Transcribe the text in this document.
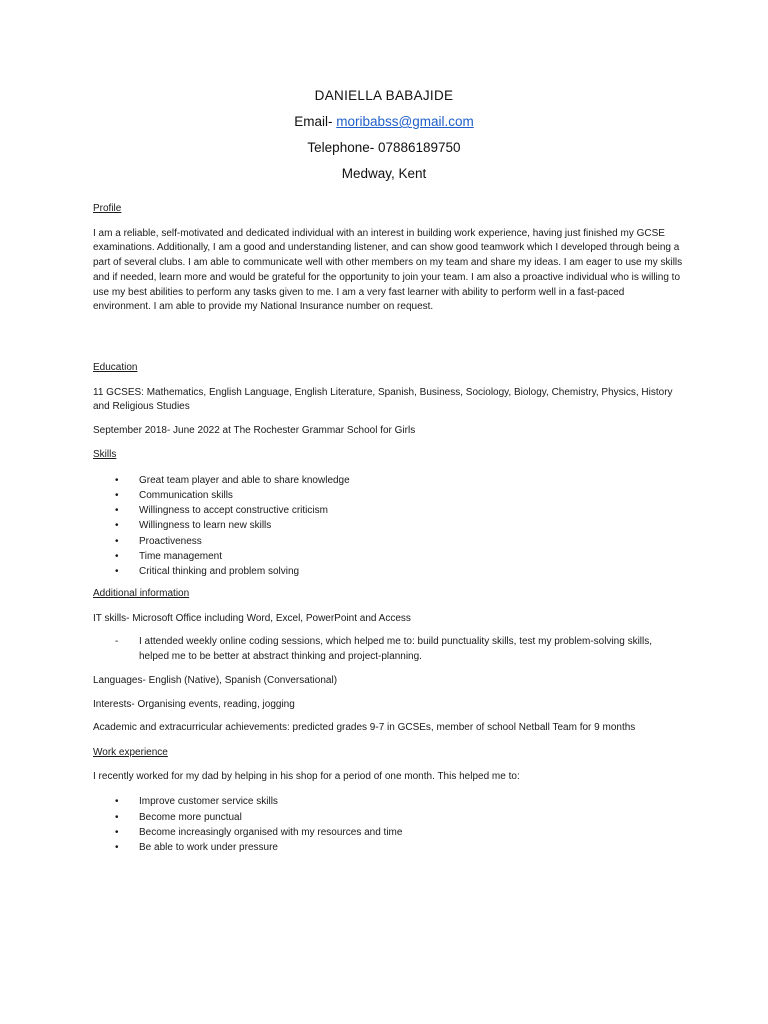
DANIELLA BABAJIDE
Email- moribabss@gmail.com
Telephone- 07886189750
Medway, Kent
Profile
I am a reliable, self-motivated and dedicated individual with an interest in building work experience, having just finished my GCSE examinations. Additionally, I am a good and understanding listener, and can show good teamwork which I developed through being a part of several clubs. I am able to communicate well with other members on my team and share my ideas. I am eager to use my skills and if needed, learn more and would be grateful for the opportunity to join your team. I am also a proactive individual who is willing to use my best abilities to perform any tasks given to me. I am a very fast learner with ability to perform well in a fast-paced environment. I am able to provide my National Insurance number on request.
Education
11 GCSES: Mathematics, English Language, English Literature, Spanish, Business, Sociology, Biology, Chemistry, Physics, History and Religious Studies
September 2018- June 2022 at The Rochester Grammar School for Girls
Skills
• Great team player and able to share knowledge
• Communication skills
• Willingness to accept constructive criticism
• Willingness to learn new skills
• Proactiveness
• Time management
• Critical thinking and problem solving
Additional information
IT skills- Microsoft Office including Word, Excel, PowerPoint and Access
- I attended weekly online coding sessions, which helped me to: build punctuality skills, test my problem-solving skills, helped me to be better at abstract thinking and project-planning.
Languages- English (Native), Spanish (Conversational)
Interests- Organising events, reading, jogging
Academic and extracurricular achievements: predicted grades 9-7 in GCSEs, member of school Netball Team for 9 months
Work experience
I recently worked for my dad by helping in his shop for a period of one month. This helped me to:
• Improve customer service skills
• Become more punctual
• Become increasingly organised with my resources and time
• Be able to work under pressure
